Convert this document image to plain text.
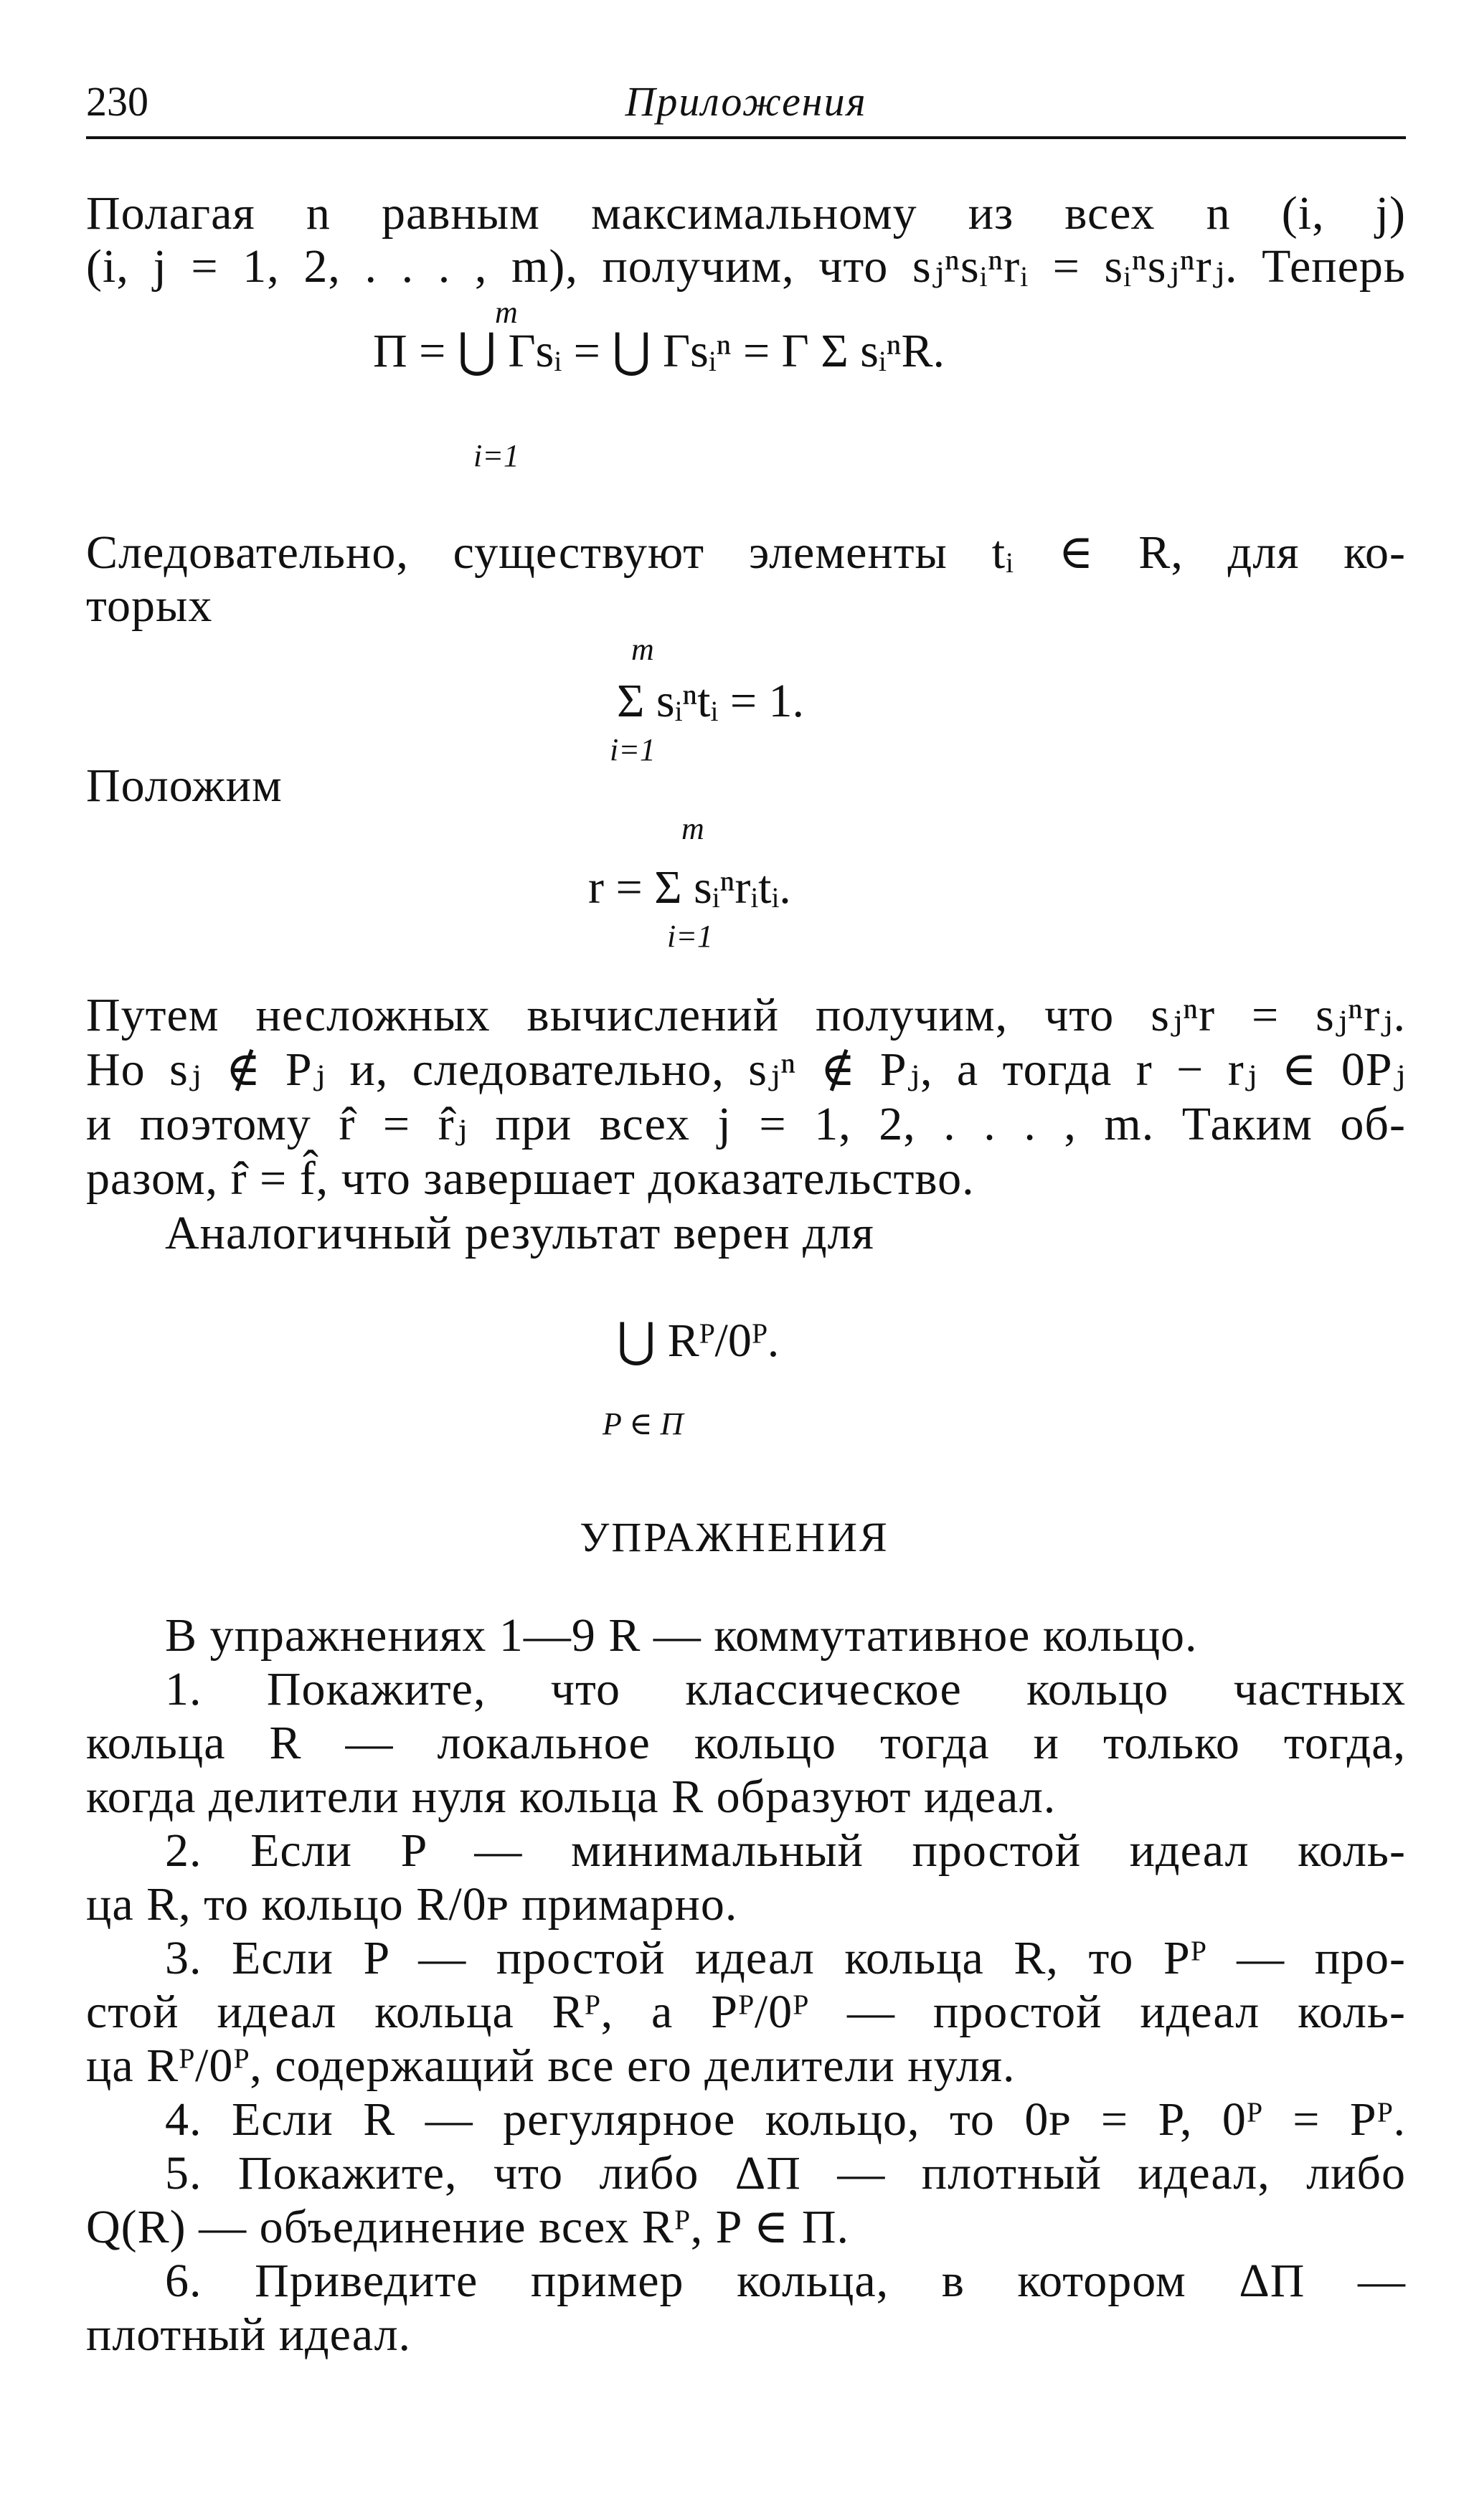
230	Приложения
Полагая n равным максимальному из всех n (i, j)
(i, j = 1, 2, . . . , m), получим, что sⱼⁿsᵢⁿrᵢ = sᵢⁿsⱼⁿrⱼ. Теперь
Π = ⋃ Γsᵢ = ⋃ Γsᵢⁿ = Γ Σ sᵢⁿR.
m
i=1
Следовательно, существуют элементы tᵢ ∈ R, для ко-
торых
Σ sᵢⁿtᵢ = 1.
m
i=1
Положим
r = Σ sᵢⁿrᵢtᵢ.
m
i=1
Путем несложных вычислений получим, что sⱼⁿr = sⱼⁿrⱼ.
Но sⱼ ∉ Pⱼ и, следовательно, sⱼⁿ ∉ Pⱼ, а тогда r − rⱼ ∈ 0Pⱼ
и поэтому r̂ = r̂ⱼ при всех j = 1, 2, . . . , m. Таким об-
разом, r̂ = f̂, что завершает доказательство.
Аналогичный результат верен для
⋃ Rᴾ/0ᴾ.
P ∈ Π
УПРАЖНЕНИЯ
В упражнениях 1—9 R — коммутативное кольцо.
1. Покажите, что классическое кольцо частных
кольца R — локальное кольцо тогда и только тогда,
когда делители нуля кольца R образуют идеал.
2. Если P — минимальный простой идеал коль-
ца R, то кольцо R/0ᴘ примарно.
3. Если P — простой идеал кольца R, то Pᴾ — про-
стой идеал кольца Rᴾ, а Pᴾ/0ᴾ — простой идеал коль-
ца Rᴾ/0ᴾ, содержащий все его делители нуля.
4. Если R — регулярное кольцо, то 0ᴘ = P, 0ᴾ = Pᴾ.
5. Покажите, что либо ΔΠ — плотный идеал, либо
Q(R) — объединение всех Rᴾ, P ∈ Π.
6. Приведите пример кольца, в котором ΔΠ —
плотный идеал.
